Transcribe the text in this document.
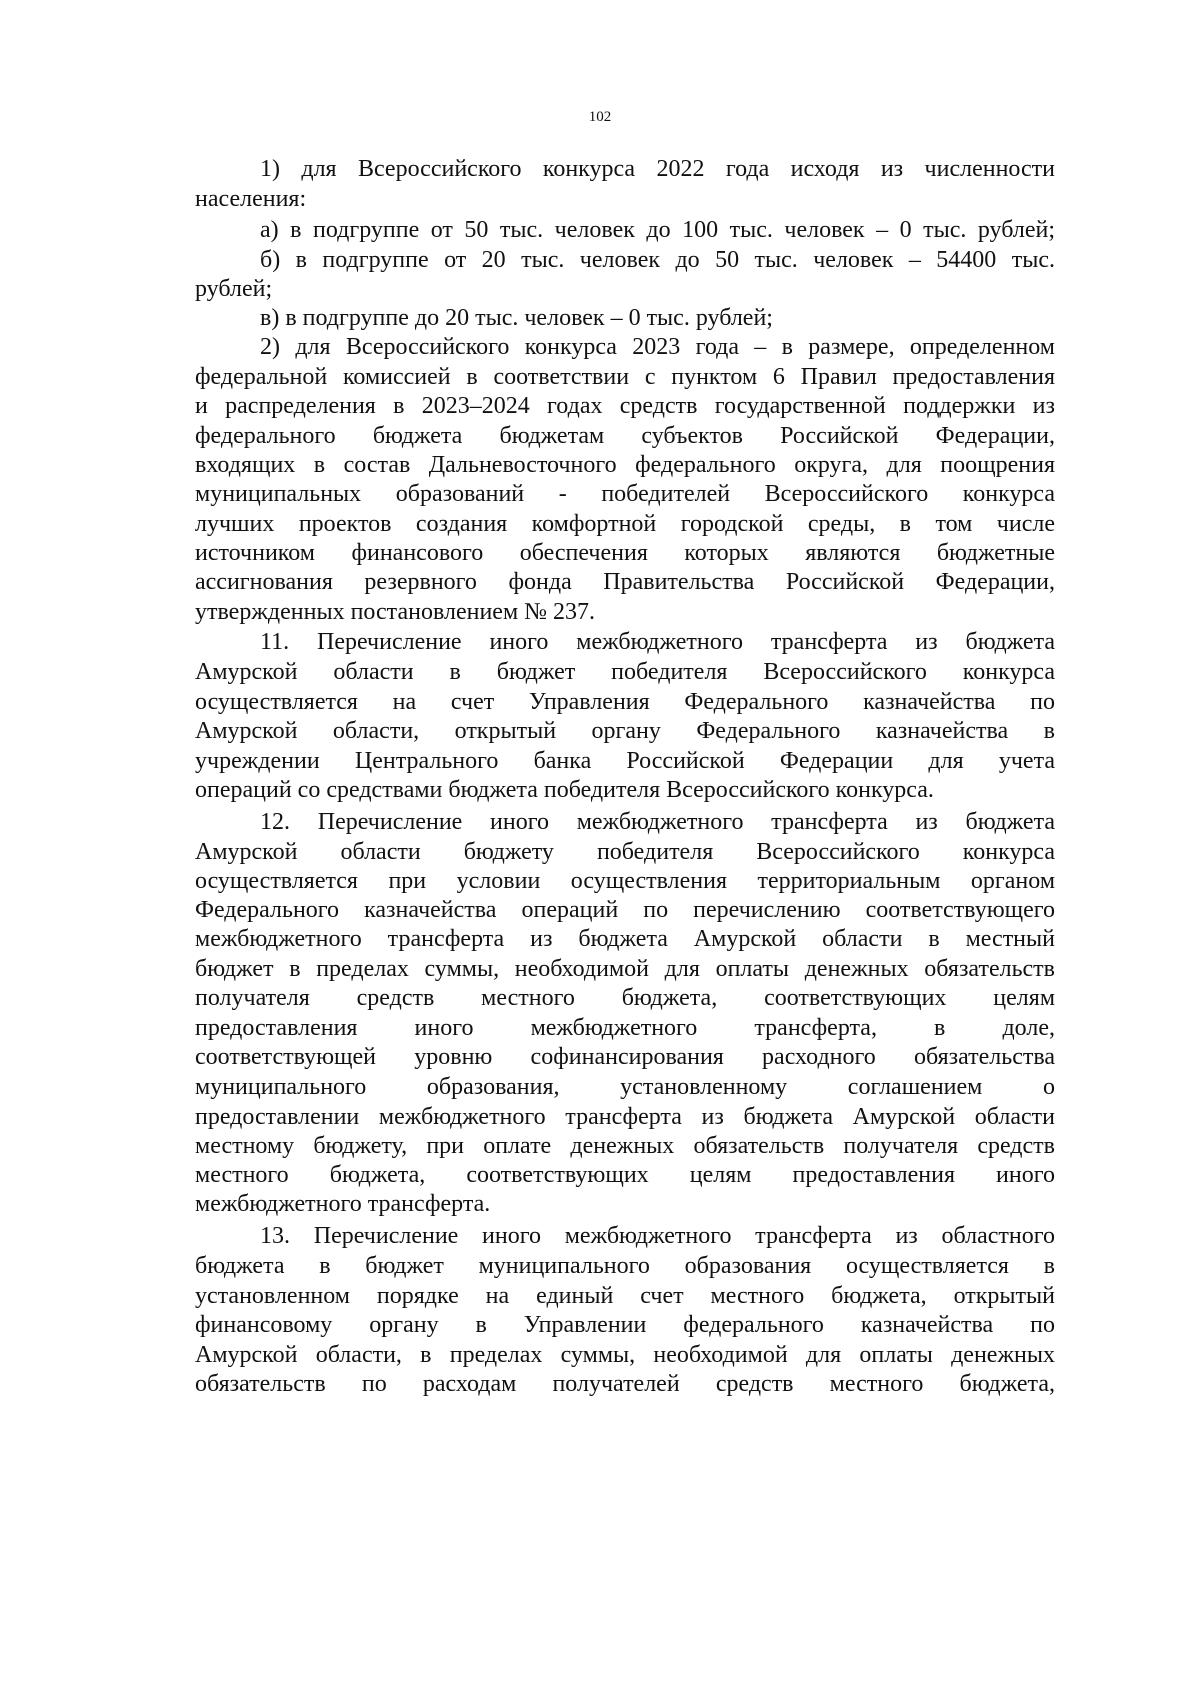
102
1) для Всероссийского конкурса 2022 года исходя из численности
населения:
а) в подгруппе от 50 тыс. человек до 100 тыс. человек – 0 тыс. рублей;
б) в подгруппе от 20 тыс. человек до 50 тыс. человек – 54400 тыс.
рублей;
в) в подгруппе до 20 тыс. человек – 0 тыс. рублей;
2) для Всероссийского конкурса 2023 года – в размере, определенном
федеральной комиссией в соответствии с пунктом 6 Правил предоставления
и распределения в 2023–2024 годах средств государственной поддержки из
федерального бюджета бюджетам субъектов Российской Федерации,
входящих в состав Дальневосточного федерального округа, для поощрения
муниципальных образований - победителей Всероссийского конкурса
лучших проектов создания комфортной городской среды, в том числе
источником финансового обеспечения которых являются бюджетные
ассигнования резервного фонда Правительства Российской Федерации,
утвержденных постановлением № 237.
11. Перечисление иного межбюджетного трансферта из бюджета
Амурской области в бюджет победителя Всероссийского конкурса
осуществляется на счет Управления Федерального казначейства по
Амурской области, открытый органу Федерального казначейства в
учреждении Центрального банка Российской Федерации для учета
операций со средствами бюджета победителя Всероссийского конкурса.
12. Перечисление иного межбюджетного трансферта из бюджета
Амурской области бюджету победителя Всероссийского конкурса
осуществляется при условии осуществления территориальным органом
Федерального казначейства операций по перечислению соответствующего
межбюджетного трансферта из бюджета Амурской области в местный
бюджет в пределах суммы, необходимой для оплаты денежных обязательств
получателя средств местного бюджета, соответствующих целям
предоставления иного межбюджетного трансферта, в доле,
соответствующей уровню софинансирования расходного обязательства
муниципального образования, установленному соглашением о
предоставлении межбюджетного трансферта из бюджета Амурской области
местному бюджету, при оплате денежных обязательств получателя средств
местного бюджета, соответствующих целям предоставления иного
межбюджетного трансферта.
13. Перечисление иного межбюджетного трансферта из областного
бюджета в бюджет муниципального образования осуществляется в
установленном порядке на единый счет местного бюджета, открытый
финансовому органу в Управлении федерального казначейства по
Амурской области, в пределах суммы, необходимой для оплаты денежных
обязательств по расходам получателей средств местного бюджета,
